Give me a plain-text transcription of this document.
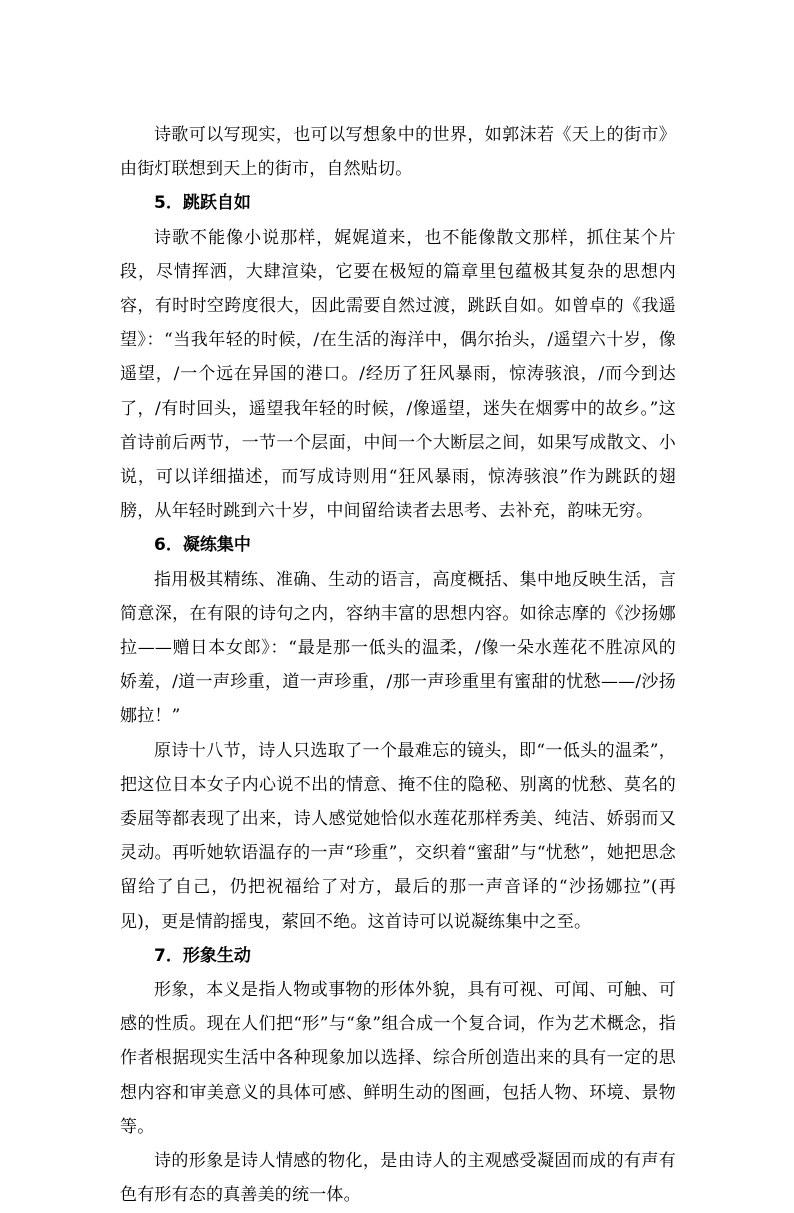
诗歌可以写现实，也可以写想象中的世界，如郭沫若《天上的街市》由街灯联想到天上的街市，自然贴切。

5．跳跃自如

诗歌不能像小说那样，娓娓道来，也不能像散文那样，抓住某个片段，尽情挥洒，大肆渲染，它要在极短的篇章里包蕴极其复杂的思想内容，有时时空跨度很大，因此需要自然过渡，跳跃自如。如曾卓的《我遥望》：“当我年轻的时候，/在生活的海洋中，偶尔抬头，/遥望六十岁，像遥望，/一个远在异国的港口。/经历了狂风暴雨，惊涛骇浪，/而今到达了，/有时回头，遥望我年轻的时候，/像遥望，迷失在烟雾中的故乡。”这首诗前后两节，一节一个层面，中间一个大断层之间，如果写成散文、小说，可以详细描述，而写成诗则用“狂风暴雨，惊涛骇浪”作为跳跃的翅膀，从年轻时跳到六十岁，中间留给读者去思考、去补充，韵味无穷。

6．凝练集中

指用极其精练、准确、生动的语言，高度概括、集中地反映生活，言简意深，在有限的诗句之内，容纳丰富的思想内容。如徐志摩的《沙扬娜拉——赠日本女郎》：“最是那一低头的温柔，/像一朵水莲花不胜凉风的娇羞，/道一声珍重，道一声珍重，/那一声珍重里有蜜甜的忧愁——/沙扬娜拉！”

原诗十八节，诗人只选取了一个最难忘的镜头，即“一低头的温柔”，把这位日本女子内心说不出的情意、掩不住的隐秘、别离的忧愁、莫名的委屈等都表现了出来，诗人感觉她恰似水莲花那样秀美、纯洁、娇弱而又灵动。再听她软语温存的一声“珍重”，交织着“蜜甜”与“忧愁”，她把思念留给了自己，仍把祝福给了对方，最后的那一声音译的“沙扬娜拉”(再见)，更是情韵摇曳，萦回不绝。这首诗可以说凝练集中之至。

7．形象生动

形象，本义是指人物或事物的形体外貌，具有可视、可闻、可触、可感的性质。现在人们把“形”与“象”组合成一个复合词，作为艺术概念，指作者根据现实生活中各种现象加以选择、综合所创造出来的具有一定的思想内容和审美意义的具体可感、鲜明生动的图画，包括人物、环境、景物等。

诗的形象是诗人情感的物化，是由诗人的主观感受凝固而成的有声有色有形有态的真善美的统一体。
